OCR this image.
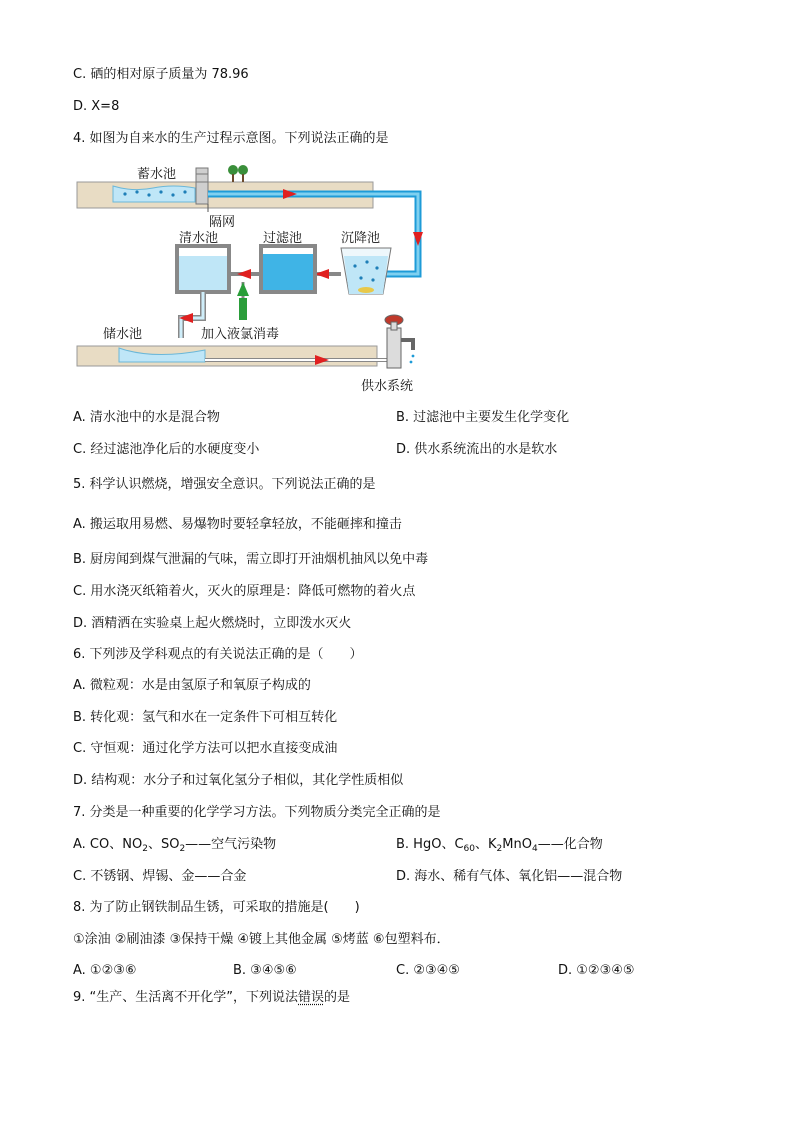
C. 硒的相对原子质量为 78.96
D. X=8
4. 如图为自来水的生产过程示意图。下列说法正确的是
蓄水池
隔网
清水池	过滤池	沉降池
储水池	加入液氯消毒
供水系统
A. 清水池中的水是混合物	B. 过滤池中主要发生化学变化
C. 经过滤池净化后的水硬度变小	D. 供水系统流出的水是软水
5. 科学认识燃烧，增强安全意识。下列说法正确的是
A. 搬运取用易燃、易爆物时要轻拿轻放，不能砸摔和撞击
B. 厨房闻到煤气泄漏的气味，需立即打开油烟机抽风以免中毒
C. 用水浇灭纸箱着火，灭火的原理是：降低可燃物的着火点
D. 酒精洒在实验桌上起火燃烧时，立即泼水灭火
6. 下列涉及学科观点的有关说法正确的是（　　）
A. 微粒观：水是由氢原子和氧原子构成的
B. 转化观：氢气和水在一定条件下可相互转化
C. 守恒观：通过化学方法可以把水直接变成油
D. 结构观：水分子和过氧化氢分子相似，其化学性质相似
7. 分类是一种重要的化学学习方法。下列物质分类完全正确的是
A. CO、$NO_2$、$SO_2——$空气污染物	B. HgO、$C_{60}$、$K_2MnO_4——$化合物
C. 不锈钢、焊锡、金——合金	D. 海水、稀有气体、氧化铝——混合物
8. 为了防止钢铁制品生锈，可采取的措施是(　　)
①涂油 ②刷油漆 ③保持干燥 ④镀上其他金属 ⑤烤蓝 ⑥包塑料布．
A. ①②③⑥	B. ③④⑤⑥	C. ②③④⑤	D. ①②③④⑤
9. “生产、生活离不开化学”，下列说法错误的是
